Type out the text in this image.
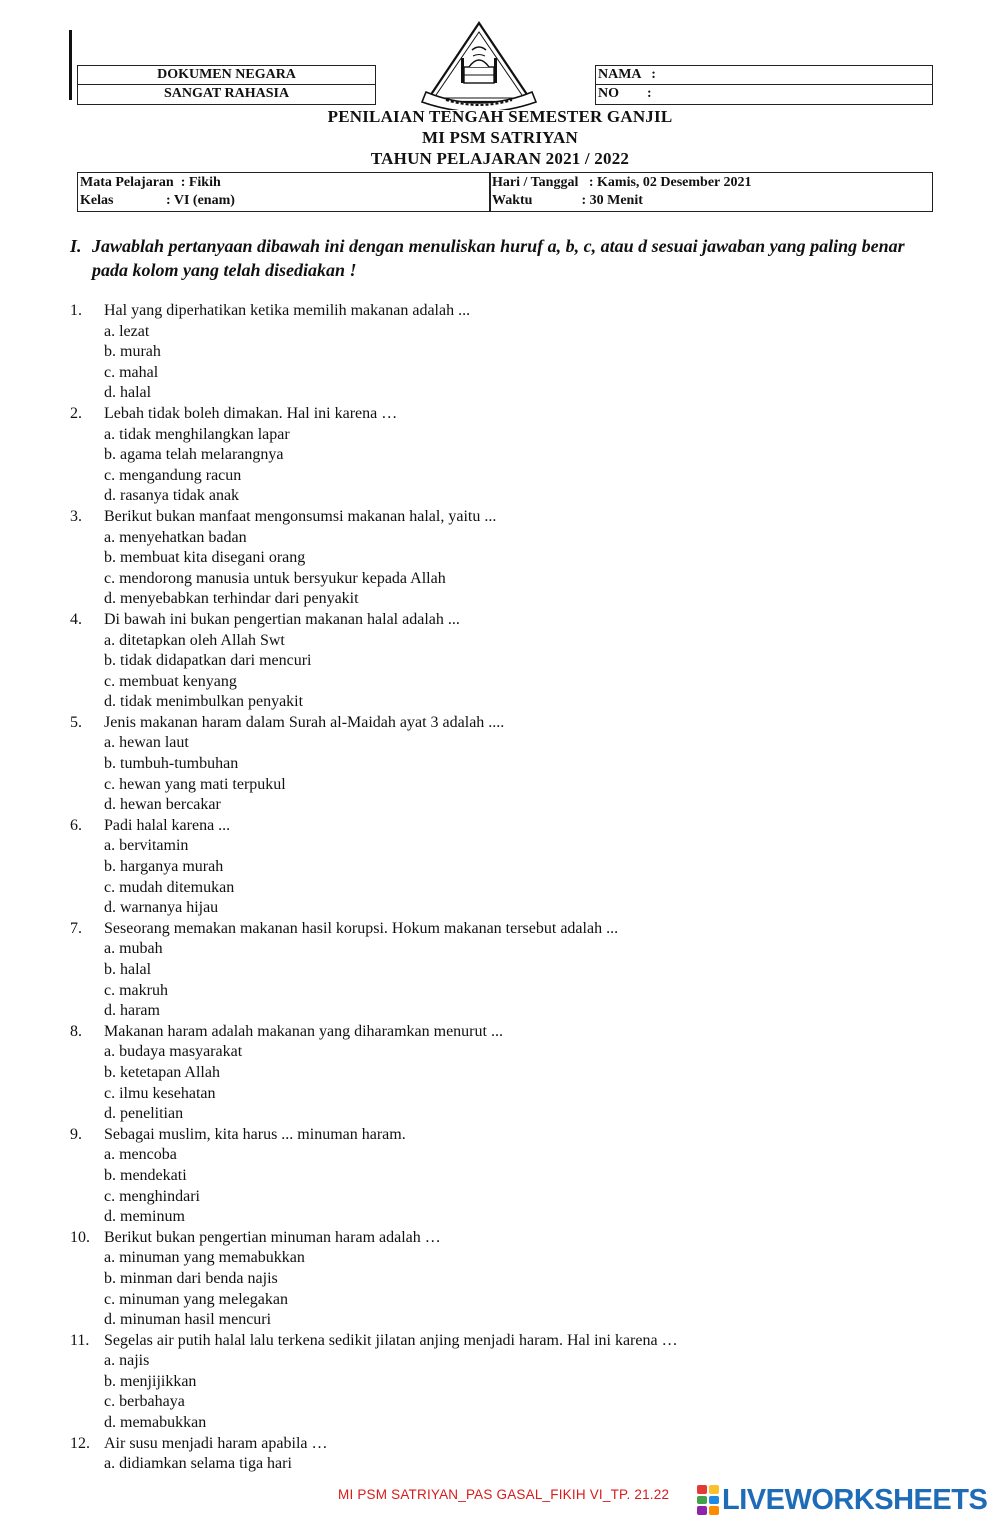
DOKUMEN NEGARA
SANGAT RAHASIA
NAMA   :
NO        :
PENILAIAN TENGAH SEMESTER GANJIL
MI PSM SATRIYAN
TAHUN PELAJARAN 2021 / 2022
Mata Pelajaran  : Fikih
Kelas               : VI (enam)
Hari / Tanggal   : Kamis, 02 Desember 2021
Waktu              : 30 Menit
I. Jawablah pertanyaan dibawah ini dengan menuliskan huruf a, b, c, atau d sesuai jawaban yang paling benar pada kolom yang telah disediakan !
1. Hal yang diperhatikan ketika memilih makanan adalah ...
a. lezat
b. murah
c. mahal
d. halal
2. Lebah tidak boleh dimakan. Hal ini karena …
a. tidak menghilangkan lapar
b. agama telah melarangnya
c. mengandung racun
d. rasanya tidak anak
3. Berikut bukan manfaat mengonsumsi makanan halal, yaitu ...
a. menyehatkan badan
b. membuat kita disegani orang
c. mendorong manusia untuk bersyukur kepada Allah
d. menyebabkan terhindar dari penyakit
4. Di bawah ini bukan pengertian makanan halal adalah ...
a. ditetapkan oleh Allah Swt
b. tidak didapatkan dari mencuri
c. membuat kenyang
d. tidak menimbulkan penyakit
5. Jenis makanan haram dalam Surah al-Maidah ayat 3 adalah ....
a. hewan laut
b. tumbuh-tumbuhan
c. hewan yang mati terpukul
d. hewan bercakar
6. Padi halal karena ...
a. bervitamin
b. harganya murah
c. mudah ditemukan
d. warnanya hijau
7. Seseorang memakan makanan hasil korupsi. Hokum makanan tersebut adalah ...
a. mubah
b. halal
c. makruh
d. haram
8. Makanan haram adalah makanan yang diharamkan menurut ...
a. budaya masyarakat
b. ketetapan Allah
c. ilmu kesehatan
d. penelitian
9. Sebagai muslim, kita harus ... minuman haram.
a. mencoba
b. mendekati
c. menghindari
d. meminum
10. Berikut bukan pengertian minuman haram adalah …
a. minuman yang memabukkan
b. minman dari benda najis
c. minuman yang melegakan
d. minuman hasil mencuri
11. Segelas air putih halal lalu terkena sedikit jilatan anjing menjadi haram. Hal ini karena …
a. najis
b. menjijikkan
c. berbahaya
d. memabukkan
12. Air susu menjadi haram apabila …
a. didiamkan selama tiga hari
MI PSM SATRIYAN_PAS GASAL_FIKIH VI_TP. 21.22 LIVEWORKSHEETS
